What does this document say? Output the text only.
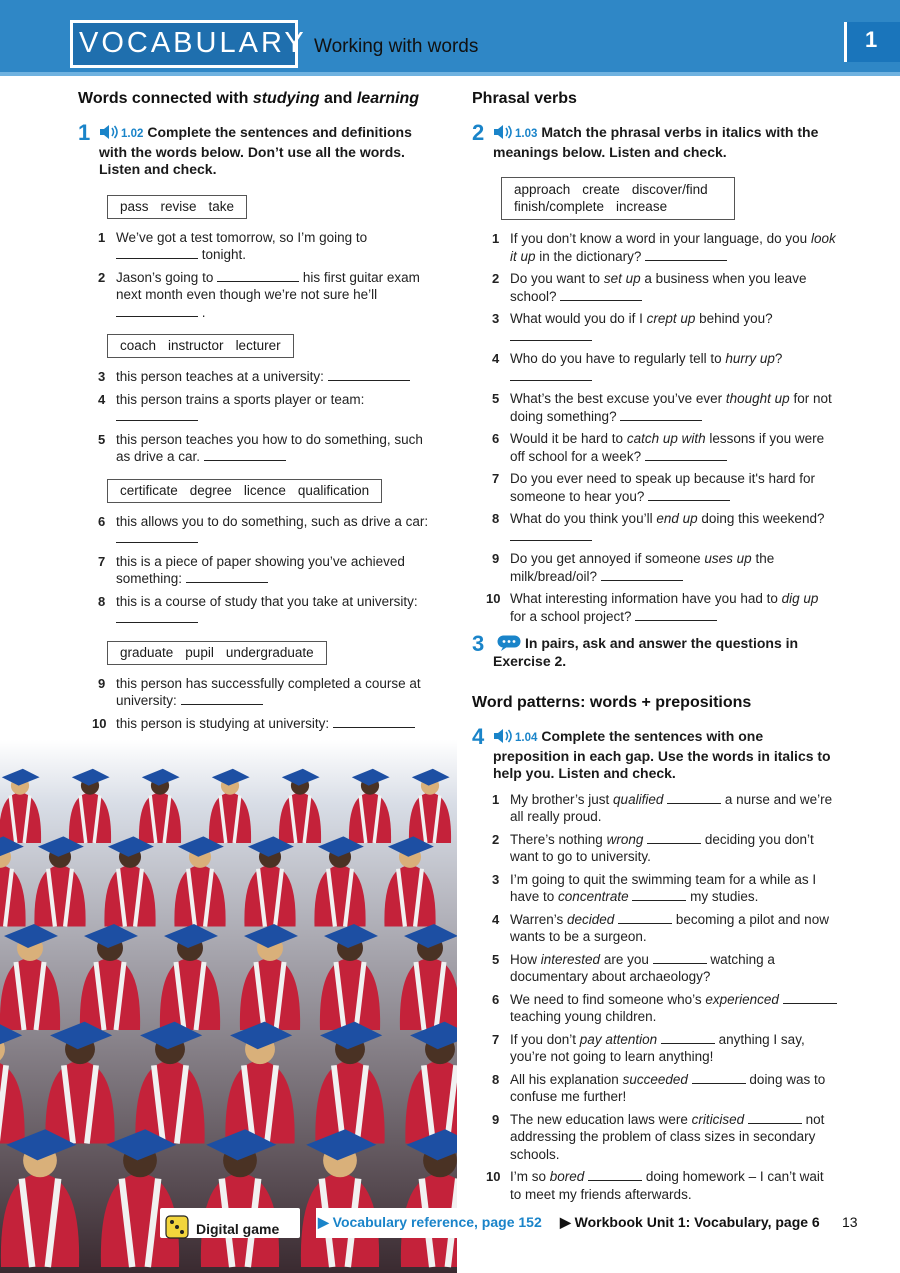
VOCABULARY Working with words	1
Words connected with studying and learning
1	1.02 Complete the sentences and definitions with the words below. Don’t use all the words. Listen and check.
pass revise take
1 We’ve got a test tomorrow, so I’m going to
tonight.
2 Jason’s going to	his first guitar exam next month even though we’re not sure he’ll  .
coach instructor lecturer
3 this person teaches at a university:
4 this person trains a sports player or team:
5 this person teaches you how to do something, such as drive a car.
certificate degree licence qualification
6 this allows you to do something, such as drive a car:
7 this is a piece of paper showing you’ve achieved something:
8 this is a course of study that you take at university:
graduate pupil undergraduate
9 this person has successfully completed a course at university:
10 this person is studying at university:
Phrasal verbs
2	1.03 Match the phrasal verbs in italics with the meanings below. Listen and check.
approach create discover/find
finish/complete increase
1 If you don’t know a word in your language, do you look it up in the dictionary?
2 Do you want to set up a business when you leave school?
3 What would you do if I crept up behind you?

4 Who do you have to regularly tell to hurry up?

5 What’s the best excuse you’ve ever thought up for not doing something?
6 Would it be hard to catch up with lessons if you were off school for a week?
7 Do you ever need to speak up because it's hard for someone to hear you?
8 What do you think you’ll end up doing this weekend?
9 Do you get annoyed if someone uses up the milk/bread/oil?
10 What interesting information have you had to dig up for a school project?
3	In pairs, ask and answer the questions in Exercise 2.
Word patterns: words + prepositions
4	1.04 Complete the sentences with one preposition in each gap. Use the words in italics to help you. Listen and check.
1 My brother’s just qualified	a nurse and we’re all really proud.
2 There’s nothing wrong	deciding you don’t want to go to university.
3 I’m going to quit the swimming team for a while as I have to concentrate	my studies.
4 Warren’s decided	becoming a pilot and now wants to be a surgeon.
5 How interested are you	watching a documentary about archaeology?
6 We need to find someone who’s experienced  teaching young children.
7 If you don’t pay attention	anything I say, you’re not going to learn anything!
8 All his explanation succeeded	doing was to confuse me further!
9 The new education laws were criticised	not addressing the problem of class sizes in secondary schools.
10 I’m so bored	doing homework – I can’t wait to meet my friends afterwards.
Digital game	▶ Vocabulary reference, page 152 ▶ Workbook Unit 1: Vocabulary, page 6 13
